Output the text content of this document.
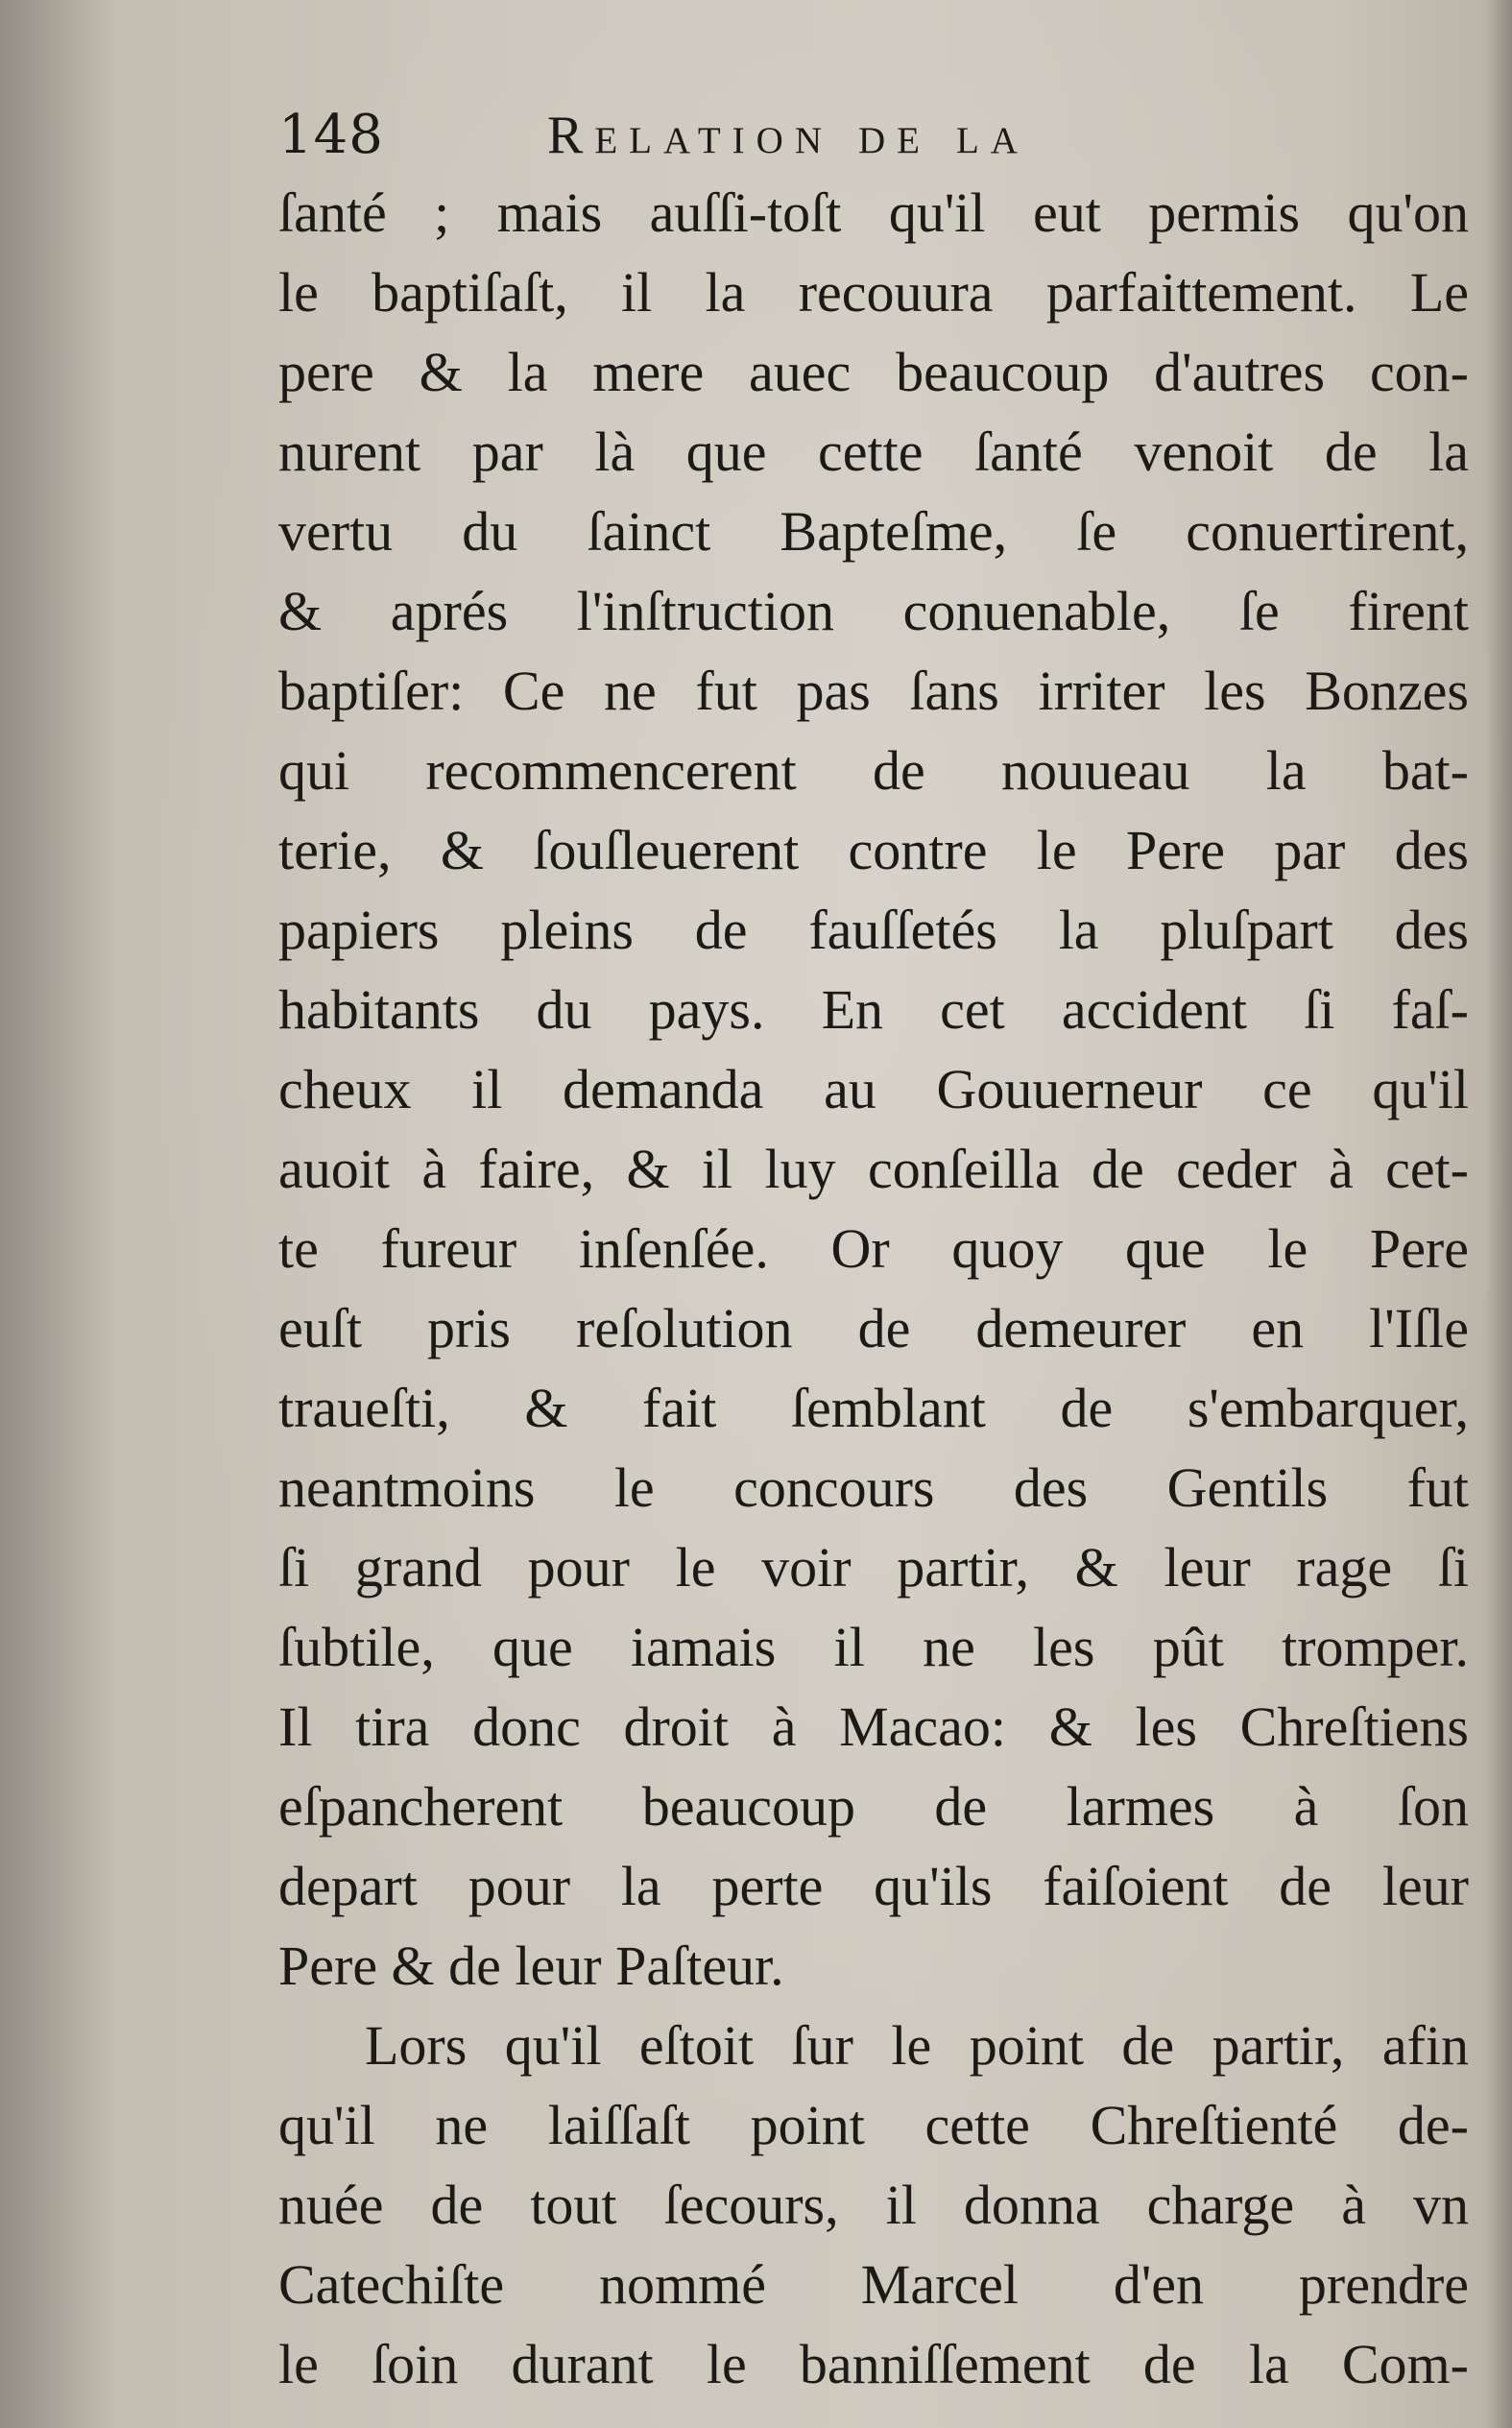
148	Relation de la
ſanté ; mais auſſi-toſt qu'il eut permis qu'on
le baptiſaſt, il la recouura parfaittement. Le
pere & la mere auec beaucoup d'autres con-
nurent par là que cette ſanté venoit de la
vertu du ſainct Bapteſme, ſe conuertirent,
& aprés l'inſtruction conuenable, ſe firent
baptiſer: Ce ne fut pas ſans irriter les Bonzes
qui recommencerent de nouueau la bat-
terie, & ſouſleuerent contre le Pere par des
papiers pleins de fauſſetés la pluſpart des
habitants du pays. En cet accident ſi faſ-
cheux il demanda au Gouuerneur ce qu'il
auoit à faire, & il luy conſeilla de ceder à cet-
te fureur inſenſée. Or quoy que le Pere
euſt pris reſolution de demeurer en l'Iſle
traueſti, & fait ſemblant de s'embarquer,
neantmoins le concours des Gentils fut
ſi grand pour le voir partir, & leur rage ſi
ſubtile, que iamais il ne les pût tromper.
Il tira donc droit à Macao: & les Chreſtiens
eſpancherent beaucoup de larmes à ſon
depart pour la perte qu'ils faiſoient de leur
Pere & de leur Paſteur.
Lors qu'il eſtoit ſur le point de partir, afin
qu'il ne laiſſaſt point cette Chreſtienté de-
nuée de tout ſecours, il donna charge à vn
Catechiſte nommé Marcel d'en prendre
le ſoin durant le banniſſement de la Com-
